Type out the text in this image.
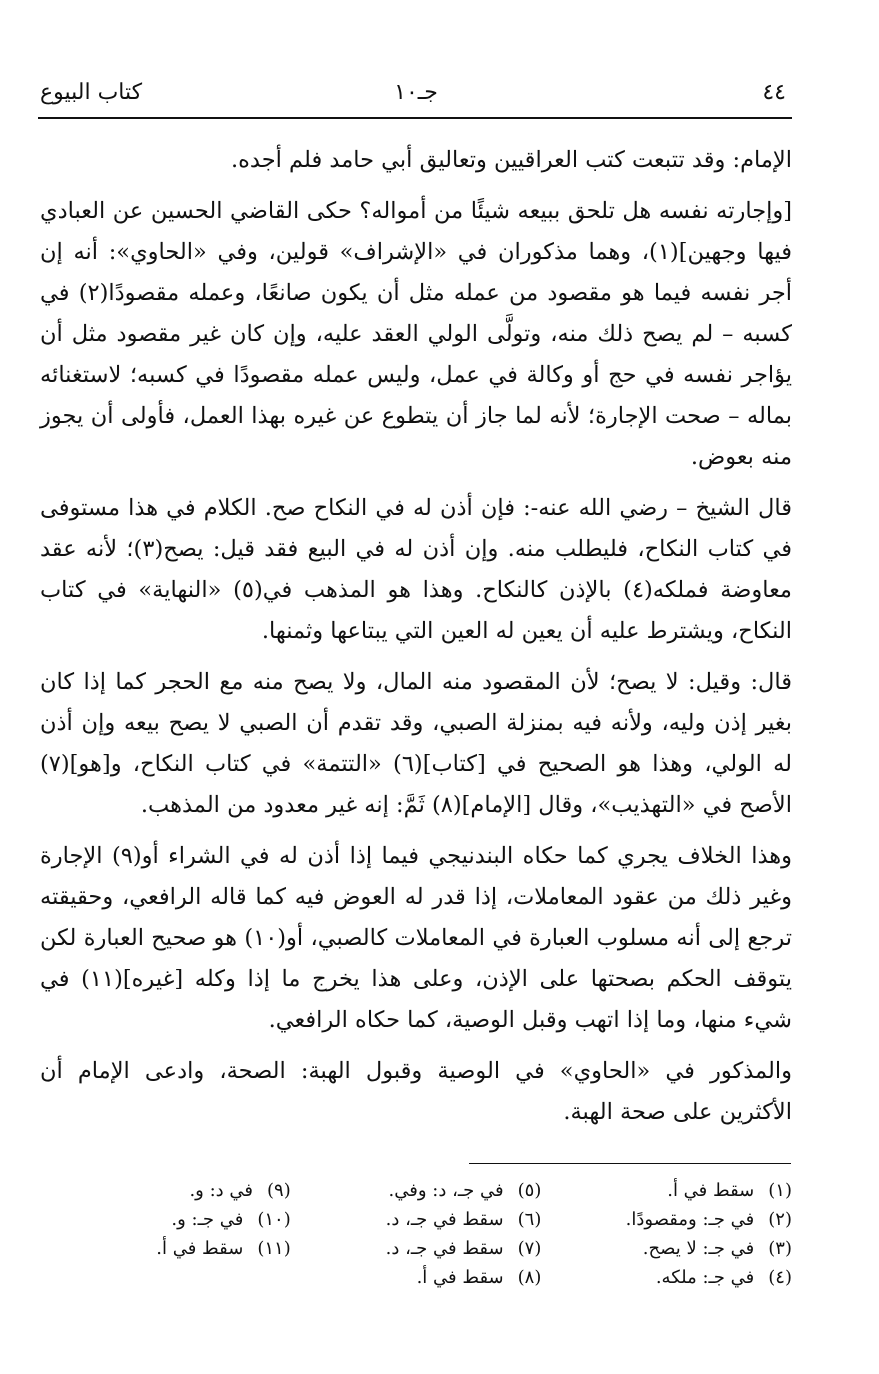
٤٤
جـ١٠
كتاب البيوع

الإمام: وقد تتبعت كتب العراقيين وتعاليق أبي حامد فلم أجده.

[وإجارته نفسه هل تلحق ببيعه شيئًا من أمواله؟ حكى القاضي الحسين عن العبادي فيها وجهين](١)، وهما مذكوران في «الإشراف» قولين، وفي «الحاوي»: أنه إن أجر نفسه فيما هو مقصود من عمله مثل أن يكون صانعًا، وعمله مقصودًا(٢) في كسبه – لم يصح ذلك منه، وتولَّى الولي العقد عليه، وإن كان غير مقصود مثل أن يؤاجر نفسه في حج أو وكالة في عمل، وليس عمله مقصودًا في كسبه؛ لاستغنائه بماله – صحت الإجارة؛ لأنه لما جاز أن يتطوع عن غيره بهذا العمل، فأولى أن يجوز منه بعوض.

قال الشيخ – رضي الله عنه-: فإن أذن له في النكاح صح. الكلام في هذا مستوفى في كتاب النكاح، فليطلب منه. وإن أذن له في البيع فقد قيل: يصح(٣)؛ لأنه عقد معاوضة فملكه(٤) بالإذن كالنكاح. وهذا هو المذهب في(٥) «النهاية» في كتاب النكاح، ويشترط عليه أن يعين له العين التي يبتاعها وثمنها.

قال: وقيل: لا يصح؛ لأن المقصود منه المال، ولا يصح منه مع الحجر كما إذا كان بغير إذن وليه، ولأنه فيه بمنزلة الصبي، وقد تقدم أن الصبي لا يصح بيعه وإن أذن له الولي، وهذا هو الصحيح في [كتاب](٦) «التتمة» في كتاب النكاح، و[هو](٧) الأصح في «التهذيب»، وقال [الإمام](٨) ثَمَّ: إنه غير معدود من المذهب.

وهذا الخلاف يجري كما حكاه البندنيجي فيما إذا أذن له في الشراء أو(٩) الإجارة وغير ذلك من عقود المعاملات، إذا قدر له العوض فيه كما قاله الرافعي، وحقيقته ترجع إلى أنه مسلوب العبارة في المعاملات كالصبي، أو(١٠) هو صحيح العبارة لكن يتوقف الحكم بصحتها على الإذن، وعلى هذا يخرج ما إذا وكله [غيره](١١) في شيء منها، وما إذا اتهب وقبل الوصية، كما حكاه الرافعي.

والمذكور في «الحاوي» في الوصية وقبول الهبة: الصحة، وادعى الإمام أن الأكثرين على صحة الهبة.

(١)سقط في أ.
(٢)في جـ: ومقصودًا.
(٣)في جـ: لا يصح.
(٤)في جـ: ملكه.
(٥)في جـ، د: وفي.
(٦)سقط في جـ، د.
(٧)سقط في جـ، د.
(٨)سقط في أ.
(٩)في د: و.
(١٠)في جـ: و.
(١١)سقط في أ.
